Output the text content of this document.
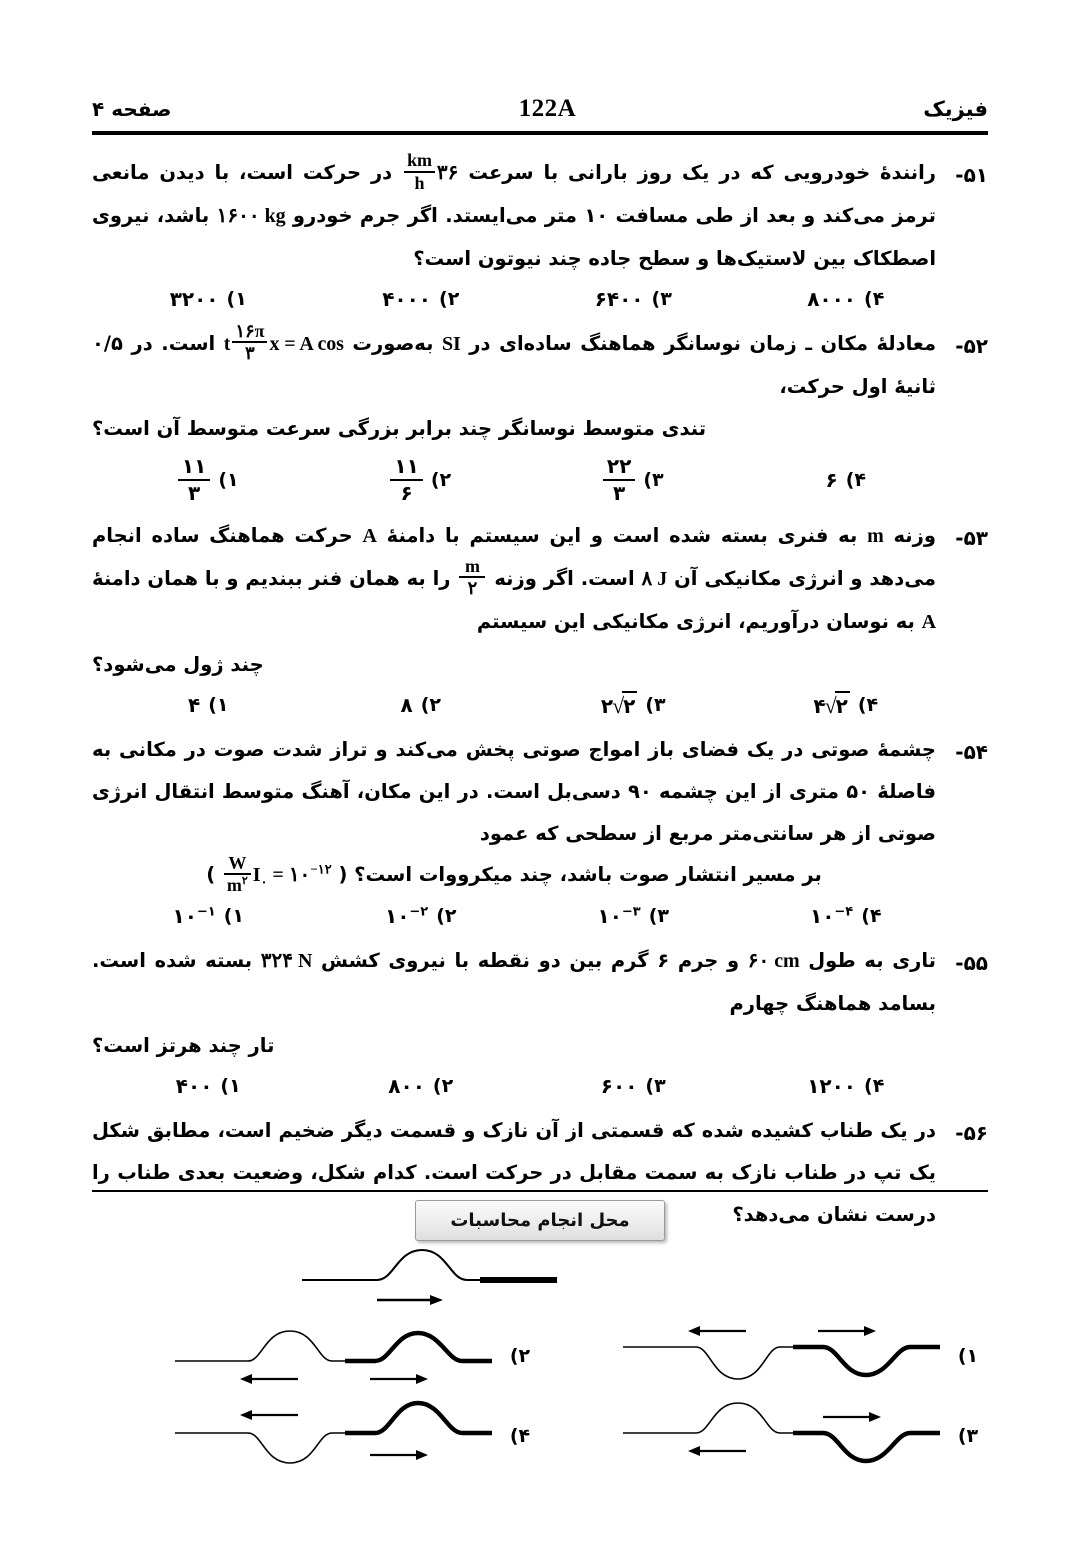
فیزیک
122A
صفحه ۴
۵۱-
رانندهٔ خودرویی که در یک روز بارانی با سرعت ۳۶
$\frac{km}{h}$
در حرکت است، با دیدن مانعی ترمز می‌کند و بعد از طی مسافت ۱۰ متر می‌ایستد. اگر جرم خودرو ۱۶۰۰ kg باشد، نیروی اصطکاک بین لاستیک‌ها و سطح جاده چند نیوتون است؟
۴)
۸۰۰۰
۳)
۶۴۰۰
۲)
۴۰۰۰
۱)
۳۲۰۰
۵۲-
معادلهٔ مکان ـ زمان نوسانگر هماهنگ ساده‌ای در SI به‌صورت x = A cos
$\frac{۱۶\pi}{۳}$
t است. در ۰/۵ ثانیهٔ اول حرکت،
تندی متوسط نوسانگر چند برابر بزرگی سرعت متوسط آن است؟
۴)
۶
۳)
$\frac{۲۲}{۳}$
۲)
$\frac{۱۱}{۶}$
۱)
$\frac{۱۱}{۳}$
۵۳-
وزنه m به فنری بسته شده است و این سیستم با دامنهٔ A حرکت هماهنگ ساده انجام می‌دهد و انرژی مکانیکی آن ۸ J است. اگر وزنه
$\frac{m}{۲}$
را به همان فنر ببندیم و با همان دامنهٔ A به نوسان درآوریم، انرژی مکانیکی این سیستم
چند ژول می‌شود؟
۴)
۴ √ ۲
۳)
۲ √ ۲
۲)
۸
۱)
۴
۵۴-
چشمهٔ صوتی در یک فضای باز امواج صوتی پخش می‌کند و تراز شدت صوت در مکانی به فاصلهٔ ۵۰ متری از این چشمه ۹۰ دسی‌بل است. در این مکان، آهنگ متوسط انتقال انرژی صوتی از هر سانتی‌متر مربع از سطحی که عمود
بر مسیر انتشار صوت باشد، چند میکرووات است؟ ( $I_۰$ = $۱۰^{-۱۲}$
$\frac{W}{m^۲}$
)
۴)
$۱۰^{-۴}$
۳)
$۱۰^{-۳}$
۲)
$۱۰^{-۲}$
۱)
$۱۰^{-۱}$
۵۵-
تاری به طول ۶۰ cm و جرم ۶ گرم بین دو نقطه با نیروی کشش ۳۲۴ N بسته شده است. بسامد هماهنگ چهارم
تار چند هرتز است؟
۴)
۱۲۰۰
۳)
۶۰۰
۲)
۸۰۰
۱)
۴۰۰
۵۶-
در یک طناب کشیده شده که قسمتی از آن نازک و قسمت دیگر ضخیم است، مطابق شکل یک تپ در طناب نازک به سمت مقابل در حرکت است. کدام شکل، وضعیت بعدی طناب را درست نشان می‌دهد؟
۱)
۲)
۳)
۴)
محل انجام محاسبات
